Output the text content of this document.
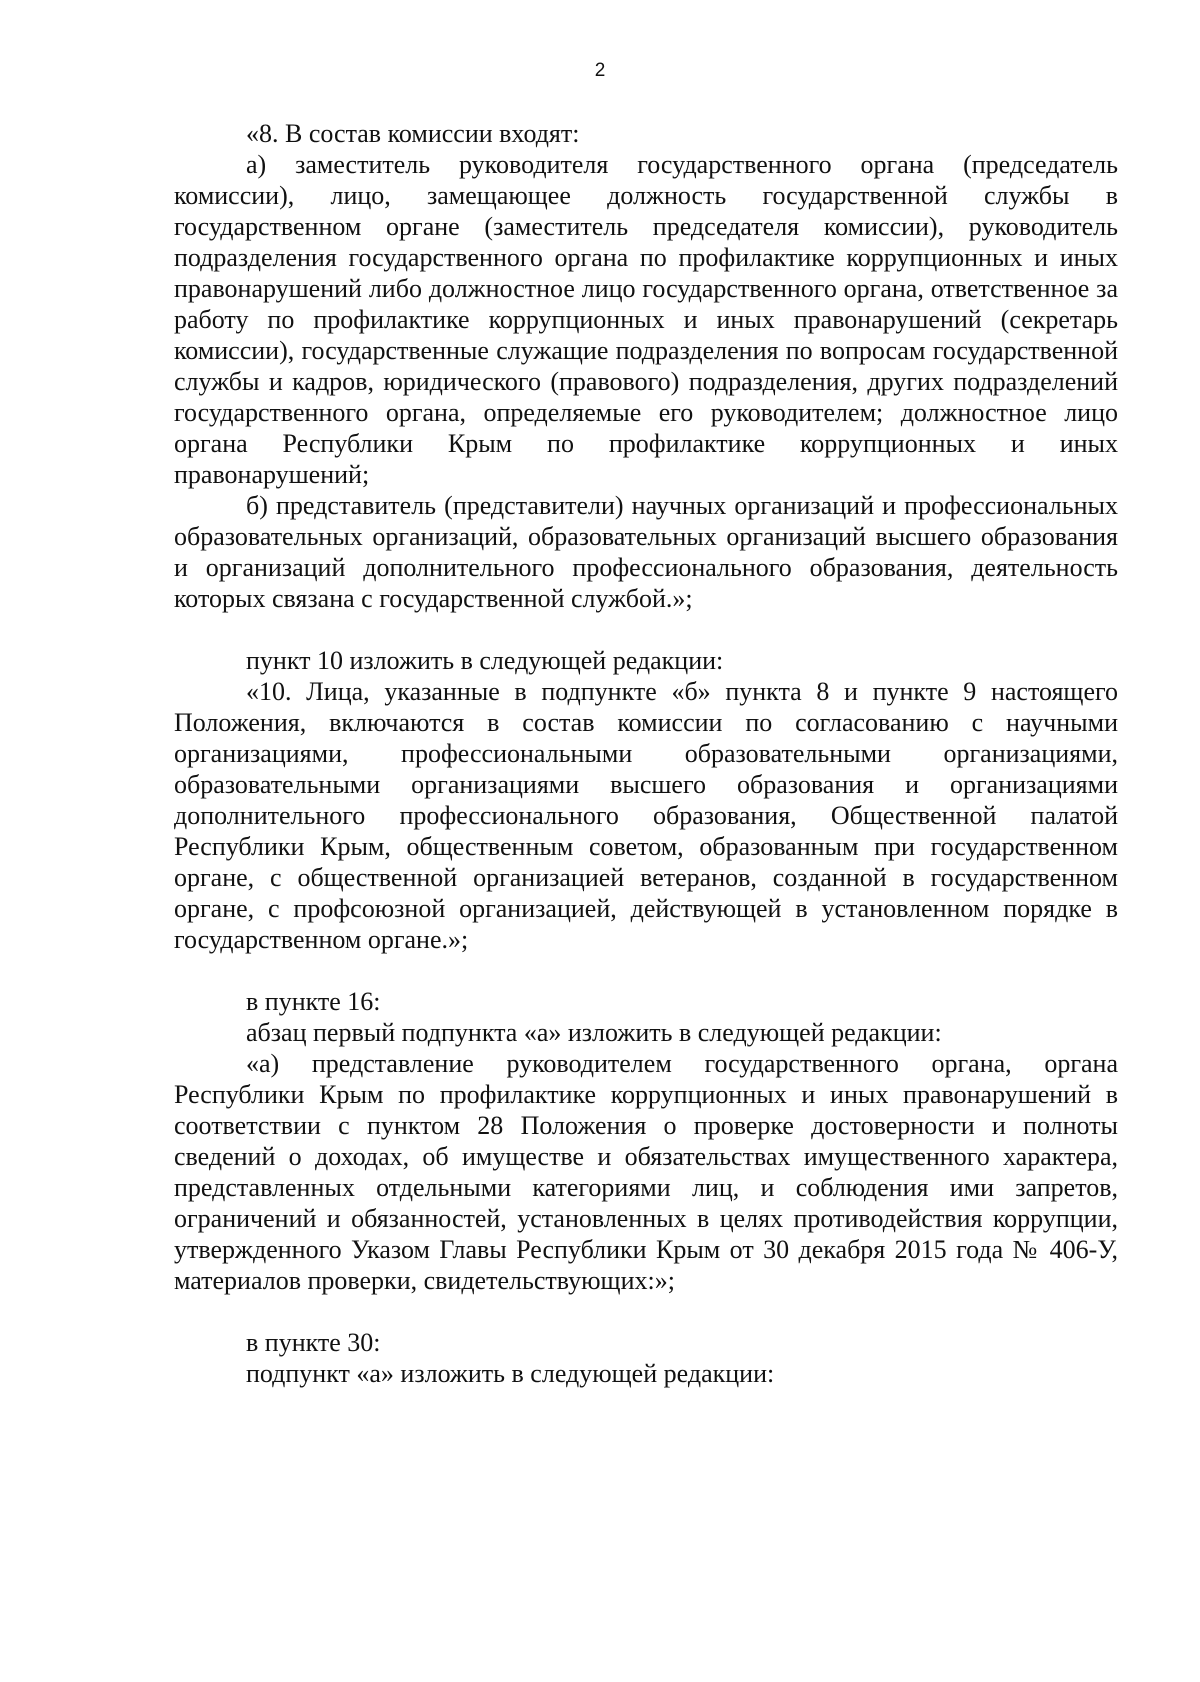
2

«8. В состав комиссии входят:

а) заместитель руководителя государственного органа (председатель комиссии), лицо, замещающее должность государственной службы в государственном органе (заместитель председателя комиссии), руководитель подразделения государственного органа по профилактике коррупционных и иных правонарушений либо должностное лицо государственного органа, ответственное за работу по профилактике коррупционных и иных правонарушений (секретарь комиссии), государственные служащие подразделения по вопросам государственной службы и кадров, юридического (правового) подразделения, других подразделений государственного органа, определяемые его руководителем; должностное лицо органа Республики Крым по профилактике коррупционных и иных правонарушений;

б) представитель (представители) научных организаций и профессиональных образовательных организаций, образовательных организаций высшего образования и организаций дополнительного профессионального образования, деятельность которых связана с государственной службой.»;

пункт 10 изложить в следующей редакции:

«10. Лица, указанные в подпункте «б» пункта 8 и пункте 9 настоящего Положения, включаются в состав комиссии по согласованию с научными организациями, профессиональными образовательными организациями, образовательными организациями высшего образования и организациями дополнительного профессионального образования, Общественной палатой Республики Крым, общественным советом, образованным при государственном органе, с общественной организацией ветеранов, созданной в государственном органе, с профсоюзной организацией, действующей в установленном порядке в государственном органе.»;

в пункте 16:

абзац первый подпункта «а» изложить в следующей редакции:

«а) представление руководителем государственного органа, органа Республики Крым по профилактике коррупционных и иных правонарушений в соответствии с пунктом 28 Положения о проверке достоверности и полноты сведений о доходах, об имуществе и обязательствах имущественного характера, представленных отдельными категориями лиц, и соблюдения ими запретов, ограничений и обязанностей, установленных в целях противодействия коррупции, утвержденного Указом Главы Республики Крым от 30 декабря 2015 года № 406-У, материалов проверки, свидетельствующих:»;

в пункте 30:

подпункт «а» изложить в следующей редакции:
